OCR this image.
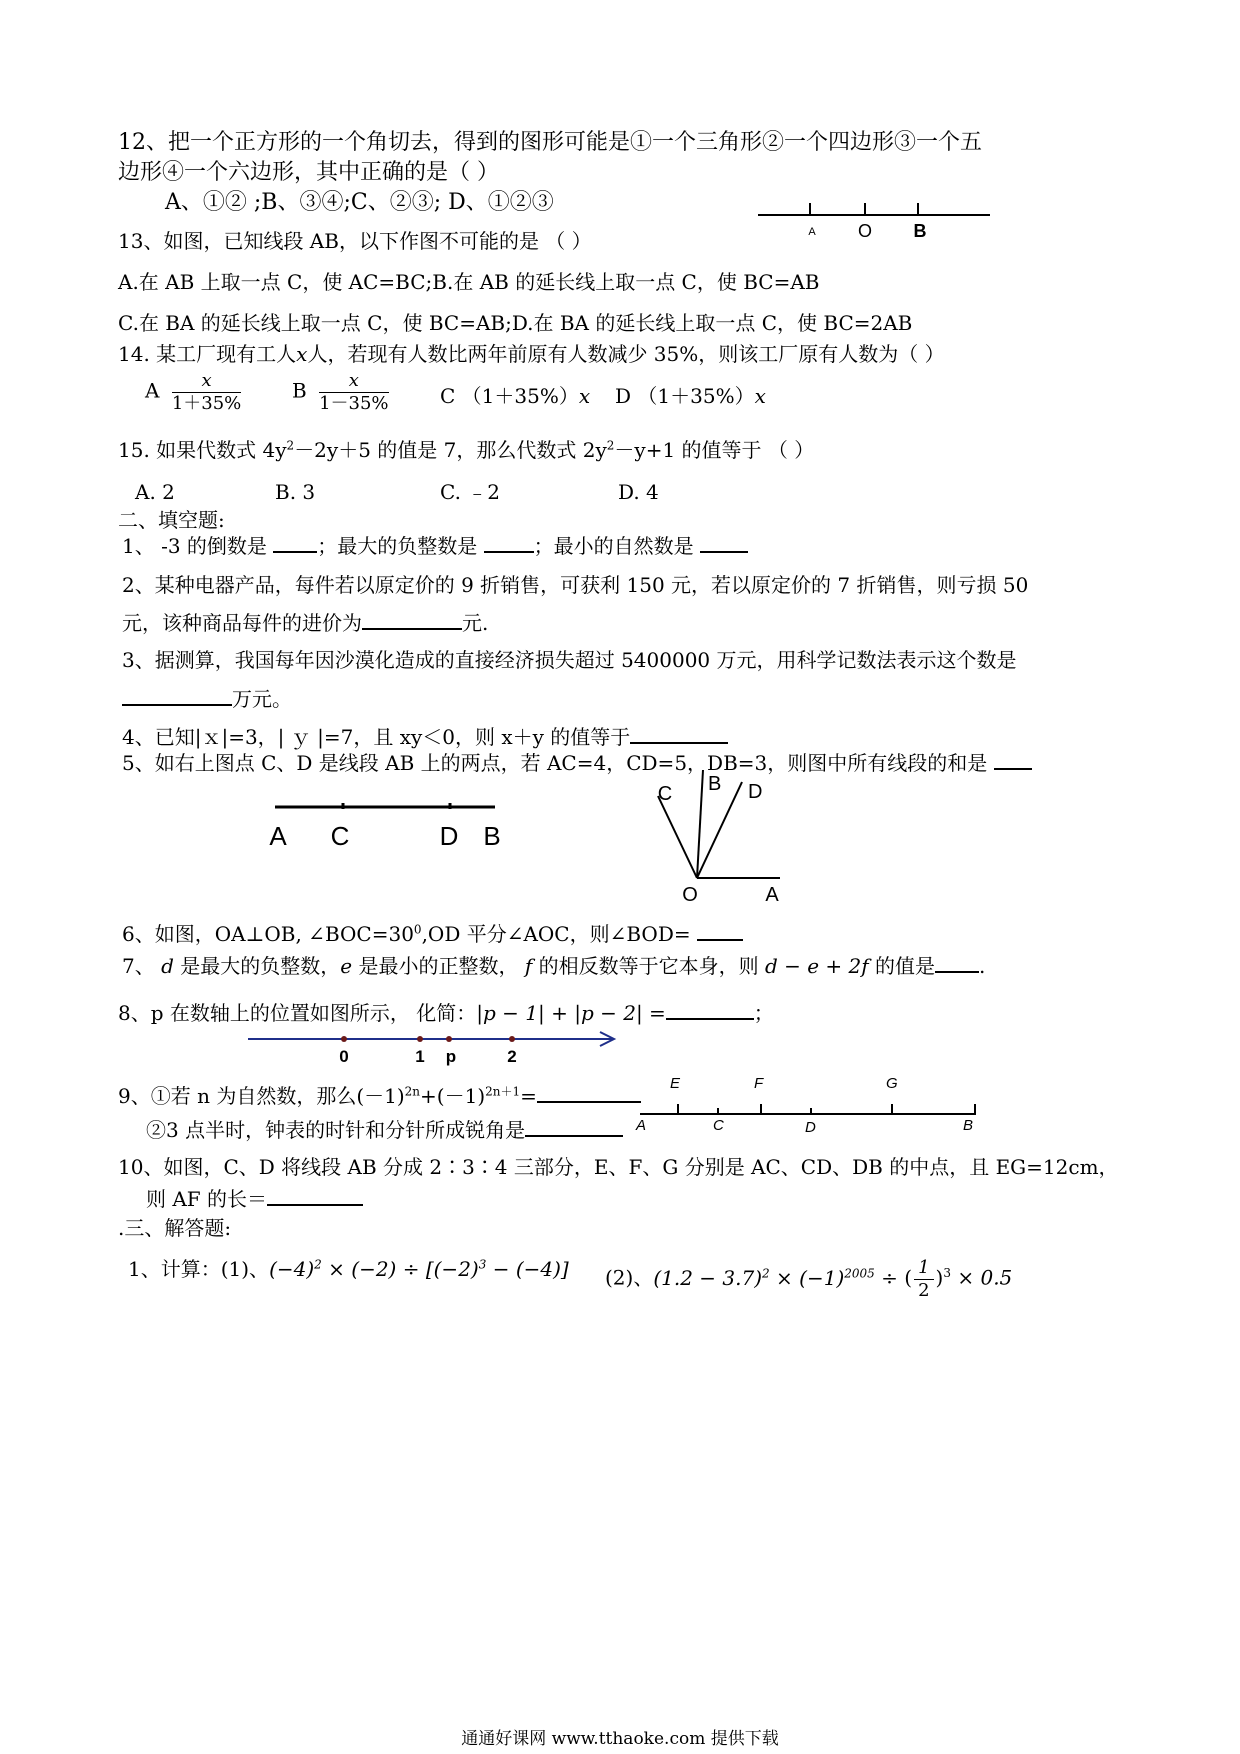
12、把一个正方形的一个角切去，得到的图形可能是①一个三角形②一个四边形③一个五
边形④一个六边形，其中正确的是（ ）
A、①② ;B、③④;C、②③; D、①②③
A O B
13、如图，已知线段 AB，以下作图不可能的是 （ ）
A.在 AB 上取一点 C，使 AC=BC;B.在 AB 的延长线上取一点 C，使 BC=AB
C.在 BA 的延长线上取一点 C，使 BC=AB;D.在 BA 的延长线上取一点 C，使 BC=2AB
14. 某工厂现有工人x人，若现有人数比两年前原有人数减少 35%，则该工厂原有人数为（ ）
A $\frac{x}{1+35\%}$	B $\frac{x}{1-35\%}$	C （1＋35%）x D （1＋35%）x
15. 如果代数式 $4y^2-2y+5$ 的值是 7，那么代数式 $2y^2-y+1$ 的值等于 （ ）
A. 2	B. 3	C. ﹣2	D. 4
二、填空题:
1、 -3 的倒数是 ；最大的负整数是	；最小的自然数是
2、某种电器产品，每件若以原定价的 9 折销售，可获利 150 元，若以原定价的 7 折销售，则亏损 50
元，该种商品每件的进价为	元.
3、据测算，我国每年因沙漠化造成的直接经济损失超过 5400000 万元，用科学记数法表示这个数是
万元。
4、已知|ｘ|=3，| ｙ |=7，且 xy＜0，则 x＋y 的值等于
5、如右上图点 C、D 是线段 AB 上的两点，若 AC=4，CD=5，DB=3，则图中所有线段的和是
A C	D B
C B D
O	A
6、如图，OA⊥OB, $\angle BOC=30^0,OD$ 平分∠AOC，则∠BOD=
7、 d 是最大的负整数，e 是最小的正整数， f 的相反数等于它本身，则 d − e + 2f 的值是 .
8、p 在数轴上的位置如图所示， 化简：|p − 1| + |p − 2| =	；
0	1 p	2
9、①若 n 为自然数，那么$(-1)^{2n}+(-1)^{2n+1}=$
②3 点半时，钟表的时针和分针所成锐角是
E	F	G
A	C	D	B
10、如图，C、D 将线段 AB 分成 2∶3∶4 三部分，E、F、G 分别是 AC、CD、DB 的中点，且 EG=12cm，
则 AF 的长＝
.三、解答题:
1、计算：(1)、$(-4)^2 \times (-2) \div [(-2)^3 - (-4)]$ (2)、$(1.2 - 3.7)^2 \times (-1)^{2005}$ ÷ ( $\frac{1}{2} )^3 \times 0.5$
通通好课网 www.tthaoke.com 提供下载
